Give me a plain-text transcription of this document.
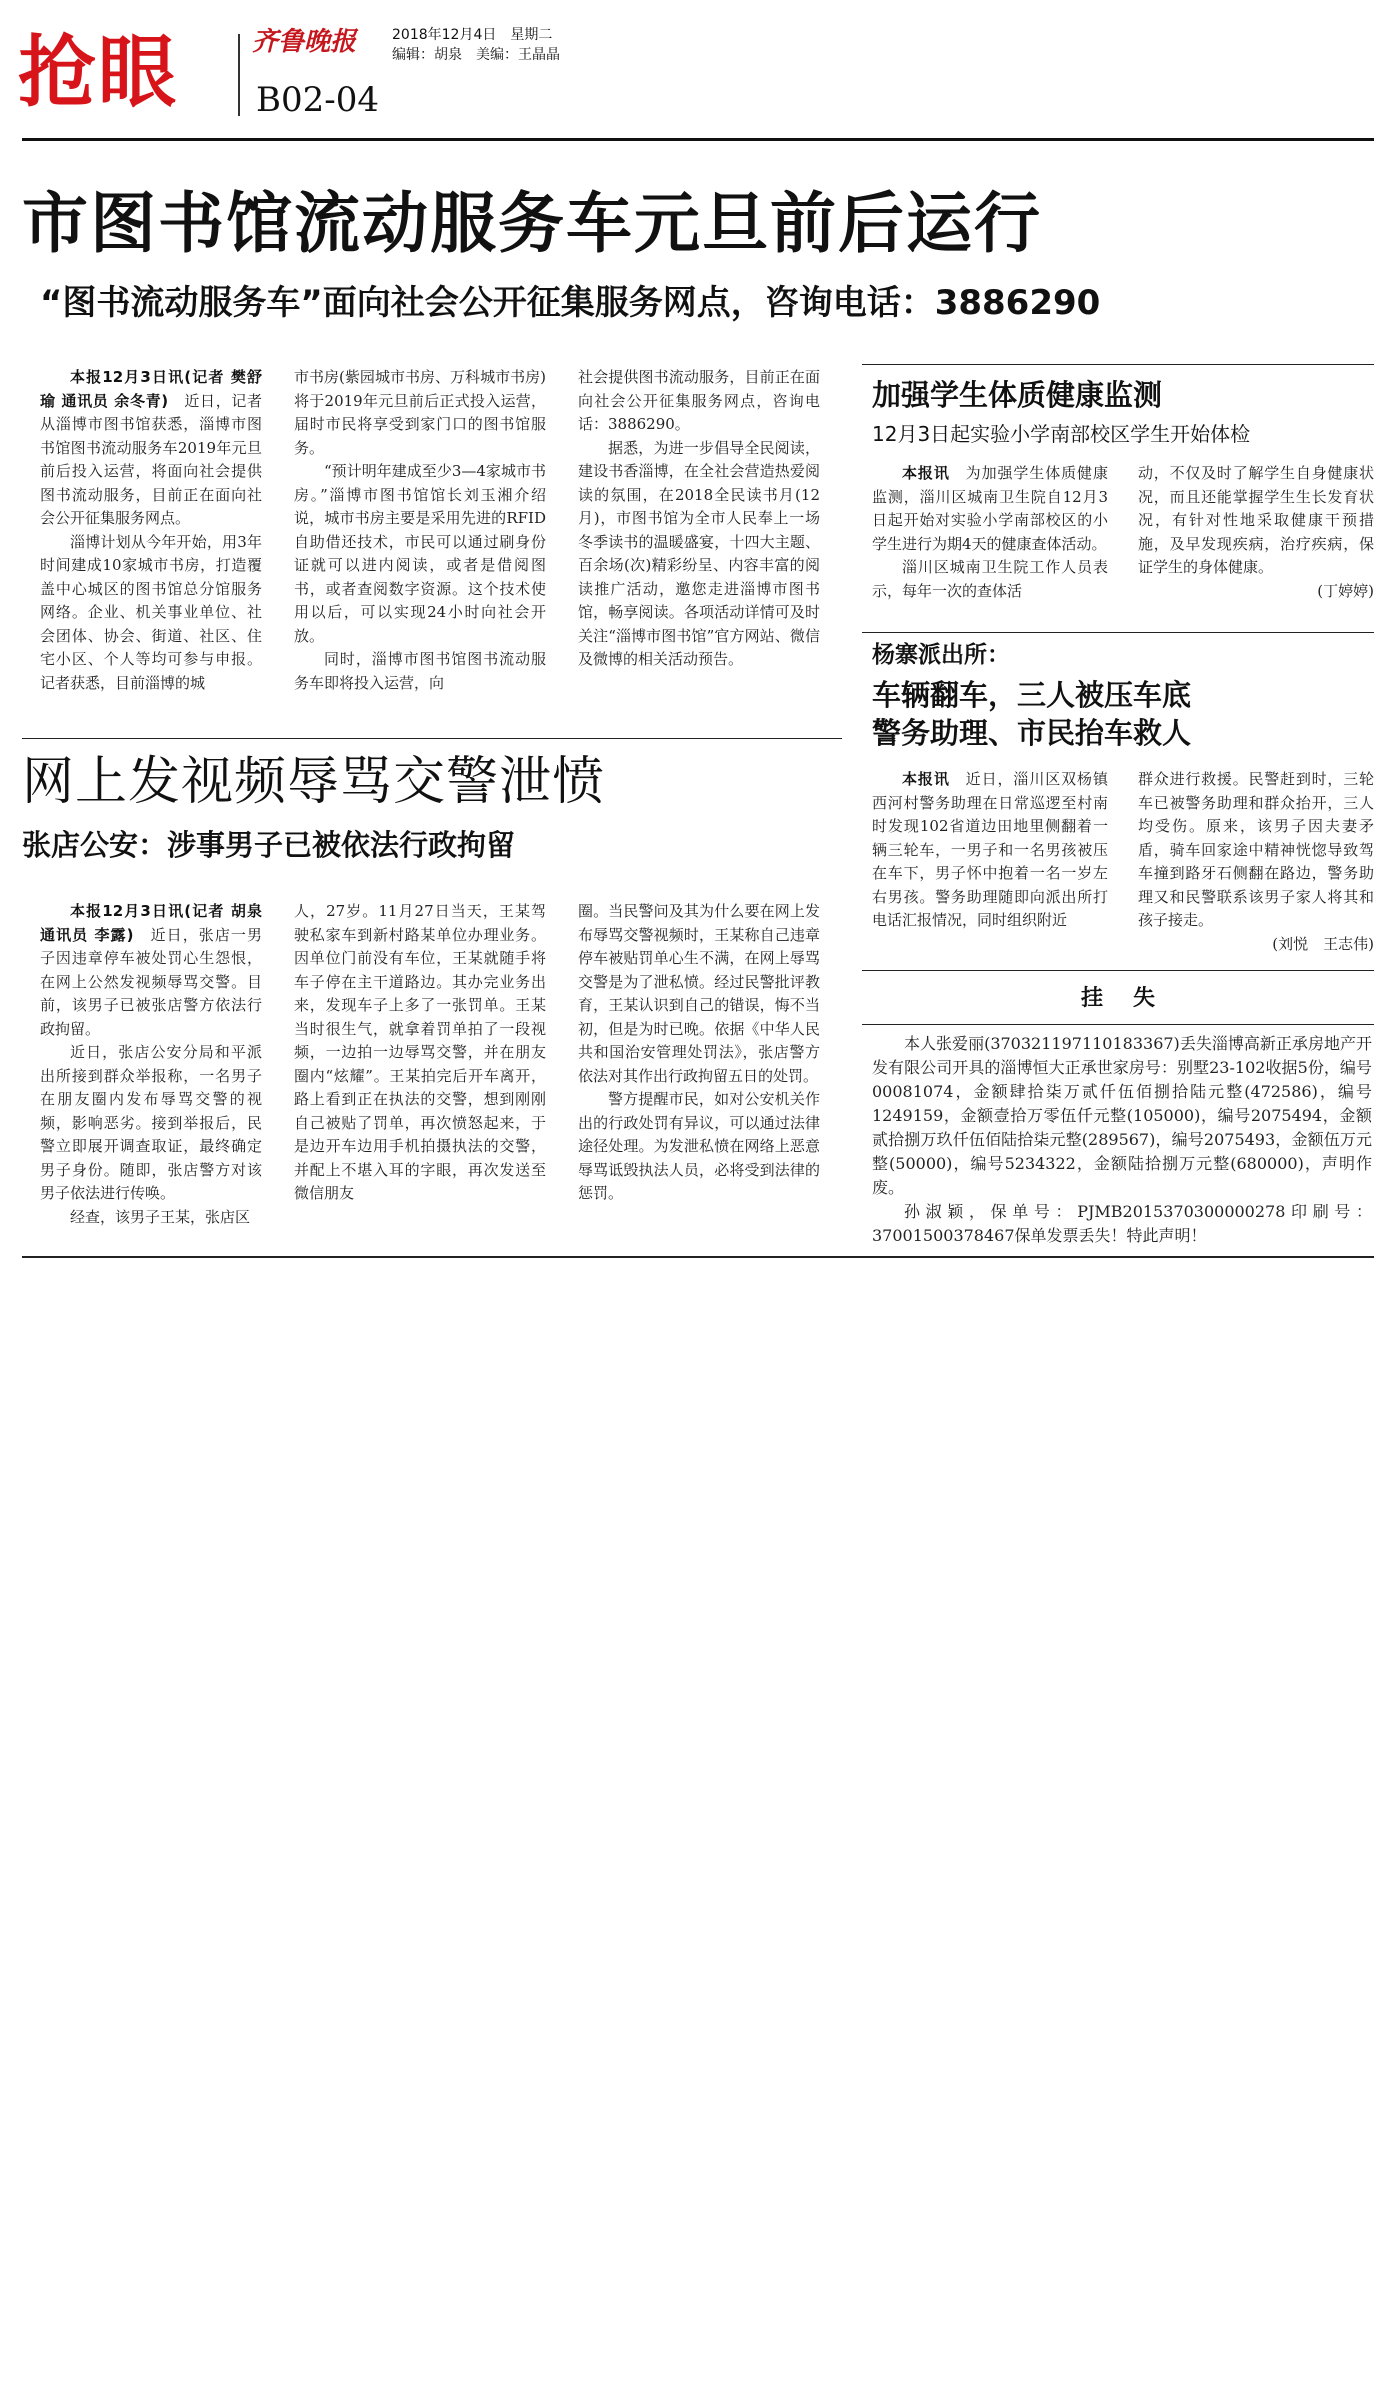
抢眼	齐鲁晚报
B02-04
2018年12月4日　星期二
编辑：胡泉　美编：王晶晶
市图书馆流动服务车元旦前后运行
“图书流动服务车”面向社会公开征集服务网点，咨询电话：3886290

本报12月3日讯(记者 樊舒瑜 通讯员 余冬青)　 近日，记者从淄博市图书馆获悉，淄博市图书馆图书流动服务车2019年元旦前后投入运营，将面向社会提供图书流动服务，目前正在面向社会公开征集服务网点。

淄博计划从今年开始，用3年时间建成10家城市书房，打造覆盖中心城区的图书馆总分馆服务网络。企业、机关事业单位、社会团体、协会、街道、社区、住宅小区、个人等均可参与申报。记者获悉，目前淄博的城

市书房(紫园城市书房、万科城市书房)将于2019年元旦前后正式投入运营，届时市民将享受到家门口的图书馆服务。

“预计明年建成至少3—4家城市书房。”淄博市图书馆馆长刘玉湘介绍说，城市书房主要是采用先进的RFID自助借还技术，市民可以通过刷身份证就可以进内阅读，或者是借阅图书，或者查阅数字资源。这个技术使用以后，可以实现24小时向社会开放。

同时，淄博市图书馆图书流动服务车即将投入运营，向

社会提供图书流动服务，目前正在面向社会公开征集服务网点，咨询电话：3886290。

据悉，为进一步倡导全民阅读，建设书香淄博，在全社会营造热爱阅读的氛围，在2018全民读书月(12月)，市图书馆为全市人民奉上一场冬季读书的温暖盛宴，十四大主题、百余场(次)精彩纷呈、内容丰富的阅读推广活动，邀您走进淄博市图书馆，畅享阅读。各项活动详情可及时关注“淄博市图书馆”官方网站、微信及微博的相关活动预告。

加强学生体质健康监测
12月3日起实验小学南部校区学生开始体检

本报讯　 为加强学生体质健康监测，淄川区城南卫生院自12月3日起开始对实验小学南部校区的小学生进行为期4天的健康查体活动。

淄川区城南卫生院工作人员表示，每年一次的查体活

动，不仅及时了解学生自身健康状况，而且还能掌握学生生长发育状况，有针对性地采取健康干预措施，及早发现疾病，治疗疾病，保证学生的身体健康。

(丁婷婷)

杨寨派出所：
车辆翻车，三人被压车底
警务助理、市民抬车救人

本报讯　 近日，淄川区双杨镇西河村警务助理在日常巡逻至村南时发现102省道边田地里侧翻着一辆三轮车，一男子和一名男孩被压在车下，男子怀中抱着一名一岁左右男孩。警务助理随即向派出所打电话汇报情况，同时组织附近

群众进行救援。民警赶到时，三轮车已被警务助理和群众抬开，三人均受伤。原来，该男子因夫妻矛盾，骑车回家途中精神恍惚导致驾车撞到路牙石侧翻在路边，警务助理又和民警联系该男子家人将其和孩子接走。

(刘悦　王志伟)

挂　失

本人张爱丽(370321197110183367)丢失淄博高新正承房地产开发有限公司开具的淄博恒大正承世家房号：别墅23-102收据5份，编号00081074，金额肆拾柒万贰仟伍佰捌拾陆元整(472586)，编号1249159，金额壹拾万零伍仟元整(105000)，编号2075494，金额贰拾捌万玖仟伍佰陆拾柒元整(289567)，编号2075493，金额伍万元整(50000)，编号5234322，金额陆拾捌万元整(680000)，声明作废。

孙淑颖，保单号：PJMB2015370300000278印刷号：37001500378467保单发票丢失！特此声明！

网上发视频辱骂交警泄愤
张店公安：涉事男子已被依法行政拘留

本报12月3日讯(记者 胡泉 通讯员 李露)　 近日，张店一男子因违章停车被处罚心生怨恨，在网上公然发视频辱骂交警。目前，该男子已被张店警方依法行政拘留。

近日，张店公安分局和平派出所接到群众举报称，一名男子在朋友圈内发布辱骂交警的视频，影响恶劣。接到举报后，民警立即展开调查取证，最终确定男子身份。随即，张店警方对该男子依法进行传唤。

经查，该男子王某，张店区

人，27岁。11月27日当天，王某驾驶私家车到新村路某单位办理业务。因单位门前没有车位，王某就随手将车子停在主干道路边。其办完业务出来，发现车子上多了一张罚单。王某当时很生气，就拿着罚单拍了一段视频，一边拍一边辱骂交警，并在朋友圈内“炫耀”。王某拍完后开车离开，路上看到正在执法的交警，想到刚刚自己被贴了罚单，再次愤怒起来，于是边开车边用手机拍摄执法的交警，并配上不堪入耳的字眼，再次发送至微信朋友

圈。当民警问及其为什么要在网上发布辱骂交警视频时，王某称自己违章停车被贴罚单心生不满，在网上辱骂交警是为了泄私愤。经过民警批评教育，王某认识到自己的错误，悔不当初，但是为时已晚。依据《中华人民共和国治安管理处罚法》，张店警方依法对其作出行政拘留五日的处罚。

警方提醒市民，如对公安机关作出的行政处罚有异议，可以通过法律途径处理。为发泄私愤在网络上恶意辱骂诋毁执法人员，必将受到法律的惩罚。
